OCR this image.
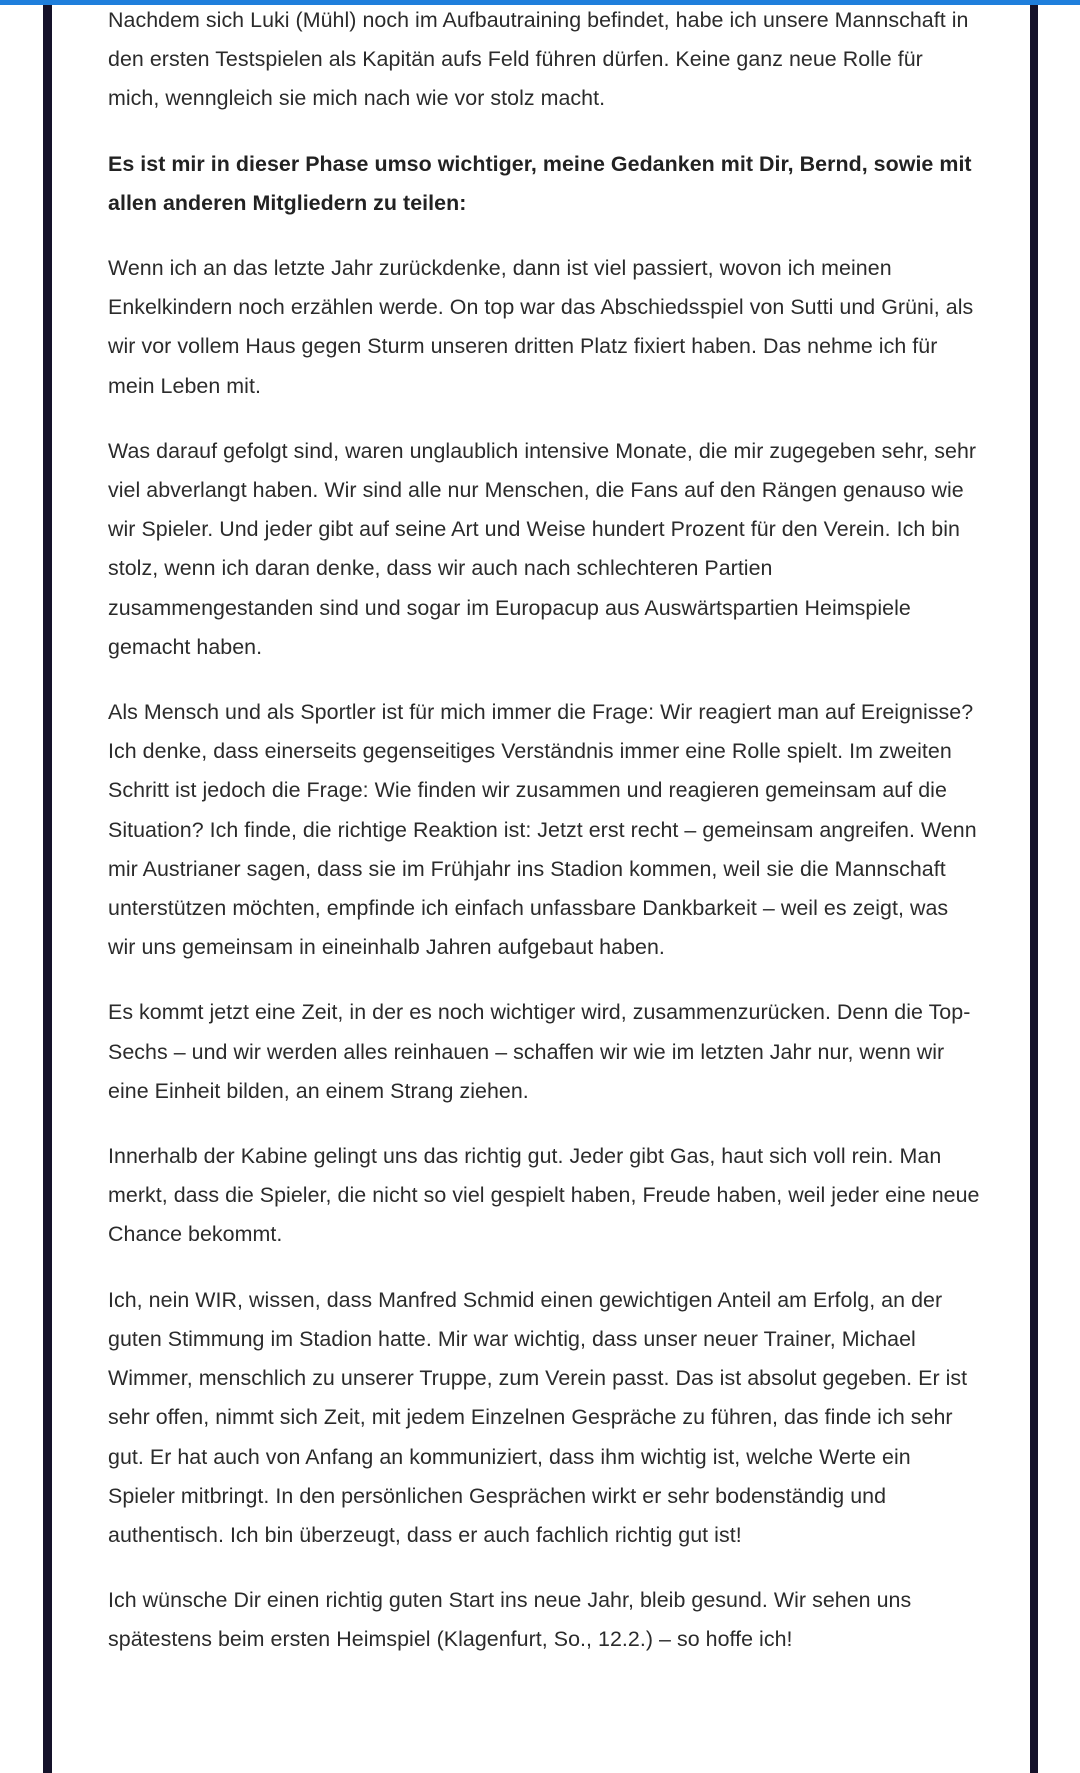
Nachdem sich Luki (Mühl) noch im Aufbautraining befindet, habe ich unsere Mannschaft in den ersten Testspielen als Kapitän aufs Feld führen dürfen. Keine ganz neue Rolle für mich, wenngleich sie mich nach wie vor stolz macht.

Es ist mir in dieser Phase umso wichtiger, meine Gedanken mit Dir, Bernd, sowie mit allen anderen Mitgliedern zu teilen:

Wenn ich an das letzte Jahr zurückdenke, dann ist viel passiert, wovon ich meinen Enkelkindern noch erzählen werde. On top war das Abschiedsspiel von Sutti und Grüni, als wir vor vollem Haus gegen Sturm unseren dritten Platz fixiert haben. Das nehme ich für mein Leben mit.

Was darauf gefolgt sind, waren unglaublich intensive Monate, die mir zugegeben sehr, sehr viel abverlangt haben. Wir sind alle nur Menschen, die Fans auf den Rängen genauso wie wir Spieler. Und jeder gibt auf seine Art und Weise hundert Prozent für den Verein. Ich bin stolz, wenn ich daran denke, dass wir auch nach schlechteren Partien zusammengestanden sind und sogar im Europacup aus Auswärtspartien Heimspiele gemacht haben.

Als Mensch und als Sportler ist für mich immer die Frage: Wir reagiert man auf Ereignisse? Ich denke, dass einerseits gegenseitiges Verständnis immer eine Rolle spielt. Im zweiten Schritt ist jedoch die Frage: Wie finden wir zusammen und reagieren gemeinsam auf die Situation? Ich finde, die richtige Reaktion ist: Jetzt erst recht – gemeinsam angreifen. Wenn mir Austrianer sagen, dass sie im Frühjahr ins Stadion kommen, weil sie die Mannschaft unterstützen möchten, empfinde ich einfach unfassbare Dankbarkeit – weil es zeigt, was wir uns gemeinsam in eineinhalb Jahren aufgebaut haben.

Es kommt jetzt eine Zeit, in der es noch wichtiger wird, zusammenzurücken. Denn die Top-Sechs – und wir werden alles reinhauen – schaffen wir wie im letzten Jahr nur, wenn wir eine Einheit bilden, an einem Strang ziehen.

Innerhalb der Kabine gelingt uns das richtig gut. Jeder gibt Gas, haut sich voll rein. Man merkt, dass die Spieler, die nicht so viel gespielt haben, Freude haben, weil jeder eine neue Chance bekommt.

Ich, nein WIR, wissen, dass Manfred Schmid einen gewichtigen Anteil am Erfolg, an der guten Stimmung im Stadion hatte. Mir war wichtig, dass unser neuer Trainer, Michael Wimmer, menschlich zu unserer Truppe, zum Verein passt. Das ist absolut gegeben. Er ist sehr offen, nimmt sich Zeit, mit jedem Einzelnen Gespräche zu führen, das finde ich sehr gut. Er hat auch von Anfang an kommuniziert, dass ihm wichtig ist, welche Werte ein Spieler mitbringt. In den persönlichen Gesprächen wirkt er sehr bodenständig und authentisch. Ich bin überzeugt, dass er auch fachlich richtig gut ist!

Ich wünsche Dir einen richtig guten Start ins neue Jahr, bleib gesund. Wir sehen uns spätestens beim ersten Heimspiel (Klagenfurt, So., 12.2.) – so hoffe ich!
